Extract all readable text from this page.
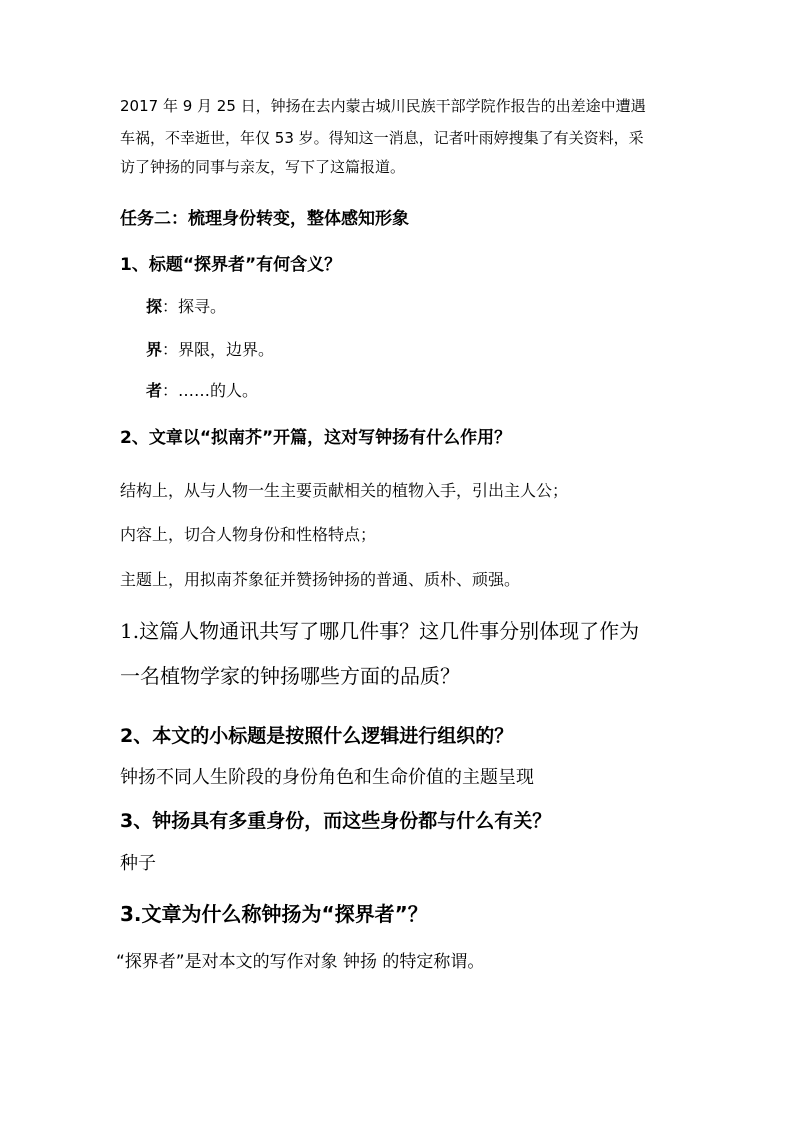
2017 年 9 月 25 日，钟扬在去内蒙古城川民族干部学院作报告的出差途中遭遇
车祸，不幸逝世，年仅 53 岁。得知这一消息，记者叶雨婷搜集了有关资料，采
访了钟扬的同事与亲友，写下了这篇报道。
任务二：梳理身份转变，整体感知形象
1、标题“探界者”有何含义？
探：探寻。
界：界限，边界。
者：……的人。
2、文章以“拟南芥”开篇，这对写钟扬有什么作用？
结构上，从与人物一生主要贡献相关的植物入手，引出主人公；
内容上，切合人物身份和性格特点；
主题上，用拟南芥象征并赞扬钟扬的普通、质朴、顽强。
1.这篇人物通讯共写了哪几件事？这几件事分别体现了作为
一名植物学家的钟扬哪些方面的品质？
2、本文的小标题是按照什么逻辑进行组织的？
钟扬不同人生阶段的身份角色和生命价值的主题呈现
3、钟扬具有多重身份，而这些身份都与什么有关？
种子
3.文章为什么称钟扬为“探界者”？
“探界者”是对本文的写作对象 钟扬 的特定称谓。
